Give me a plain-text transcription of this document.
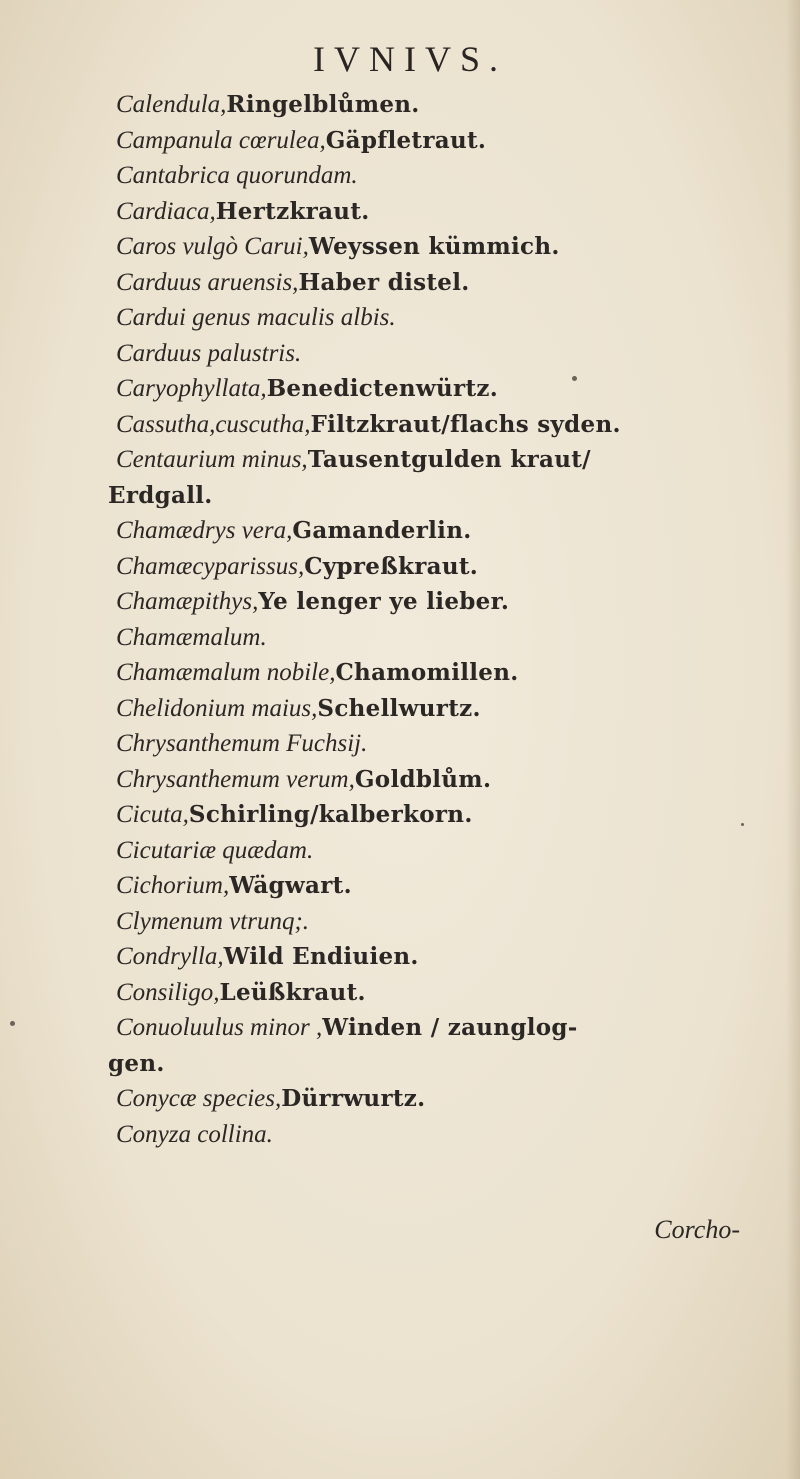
IVNIVS.
Calendula,Ringelblůmen.
Campanula cœrulea,Gäpfletraut.
Cantabrica quorundam.
Cardiaca,Hertzkraut.
Caros vulgò Carui,Weyssen kümmich.
Carduus aruensis,Haber distel.
Cardui genus maculis albis.
Carduus palustris.
Caryophyllata,Benedictenwürtz.
Cassutha,cuscutha,Filtzkraut/flachs syden.
Centaurium minus,Tausentgulden kraut/
Erdgall.
Chamædrys vera,Gamanderlin.
Chamæcyparissus,Cypreßkraut.
Chamæpithys,Ye lenger ye lieber.
Chamæmalum.
Chamæmalum nobile,Chamomillen.
Chelidonium maius,Schellwurtz.
Chrysanthemum Fuchsij.
Chrysanthemum verum,Goldblům.
Cicuta,Schirling/kalberkorn.
Cicutariæ quædam.
Cichorium,Wägwart.
Clymenum vtrunq;.
Condrylla,Wild Endiuien.
Consiligo,Leüßkraut.
Conuoluulus minor ,Winden / zaunglog-
gen.
Conycæ species,Dürrwurtz.
Conyza collina.
Corcho-
